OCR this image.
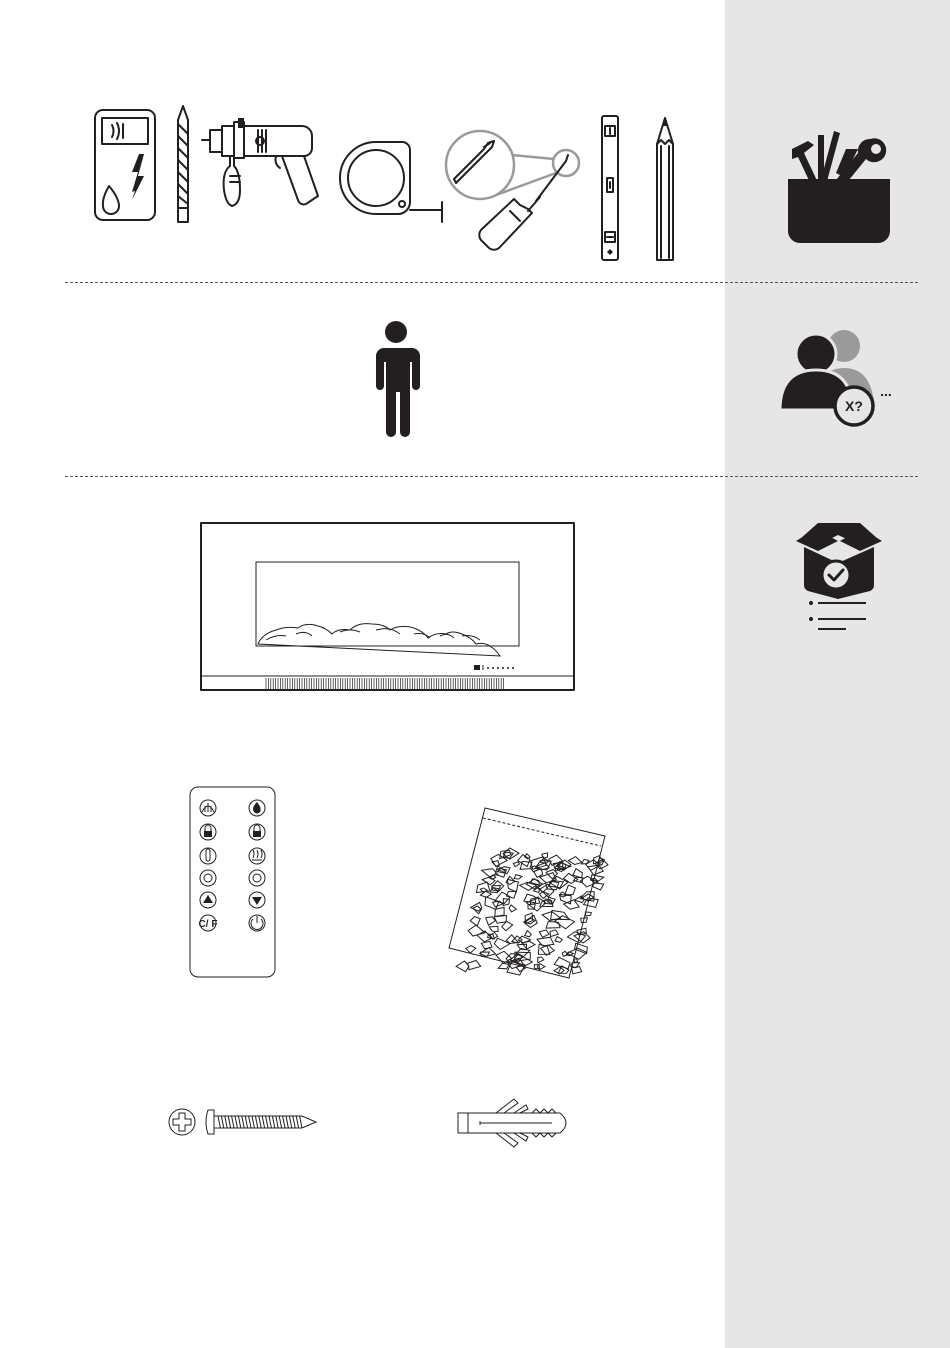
X?
...
C/ F
